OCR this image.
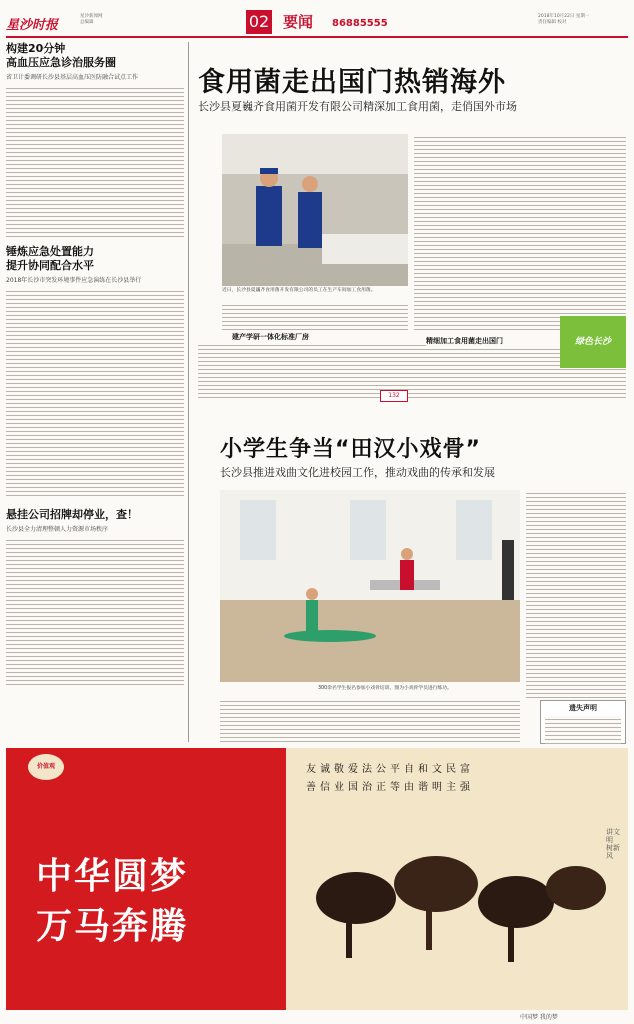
星沙时报
星沙新闻网
总编辑	02 要闻 86885555
2018年10月22日 星期一
责任编辑 校对
构建20分钟
高血压应急诊治服务圈
省卫计委调研长沙县基层高血压医防融合试点工作
锤炼应急处置能力
提升协同配合水平
2018年长沙市突发环境事件应急演练在长沙县举行
悬挂公司招牌却停业，查！
长沙县全力清理整顿人力资源市场秩序
食用菌走出国门热销海外
长沙县夏巍齐食用菌开发有限公司精深加工食用菌，走俏国外市场
近日，长沙县夏巍齐食用菌开发有限公司的员工在生产车间加工食用菌。
建产学研一体化标准厂房	精细加工食用菌走出国门
132
绿色长沙
小学生争当“田汉小戏骨”
长沙县推进戏曲文化进校园工作，推动戏曲的传承和发展
300余名学生报名参加小戏骨培训。图为小戏骨学员进行练功。
遗失声明
价值观
中华圆梦
万马奔腾
友诚敬爱法公平自和文民富
善信业国治正等由谐明主强
讲文明 树新风
中国梦 我的梦
